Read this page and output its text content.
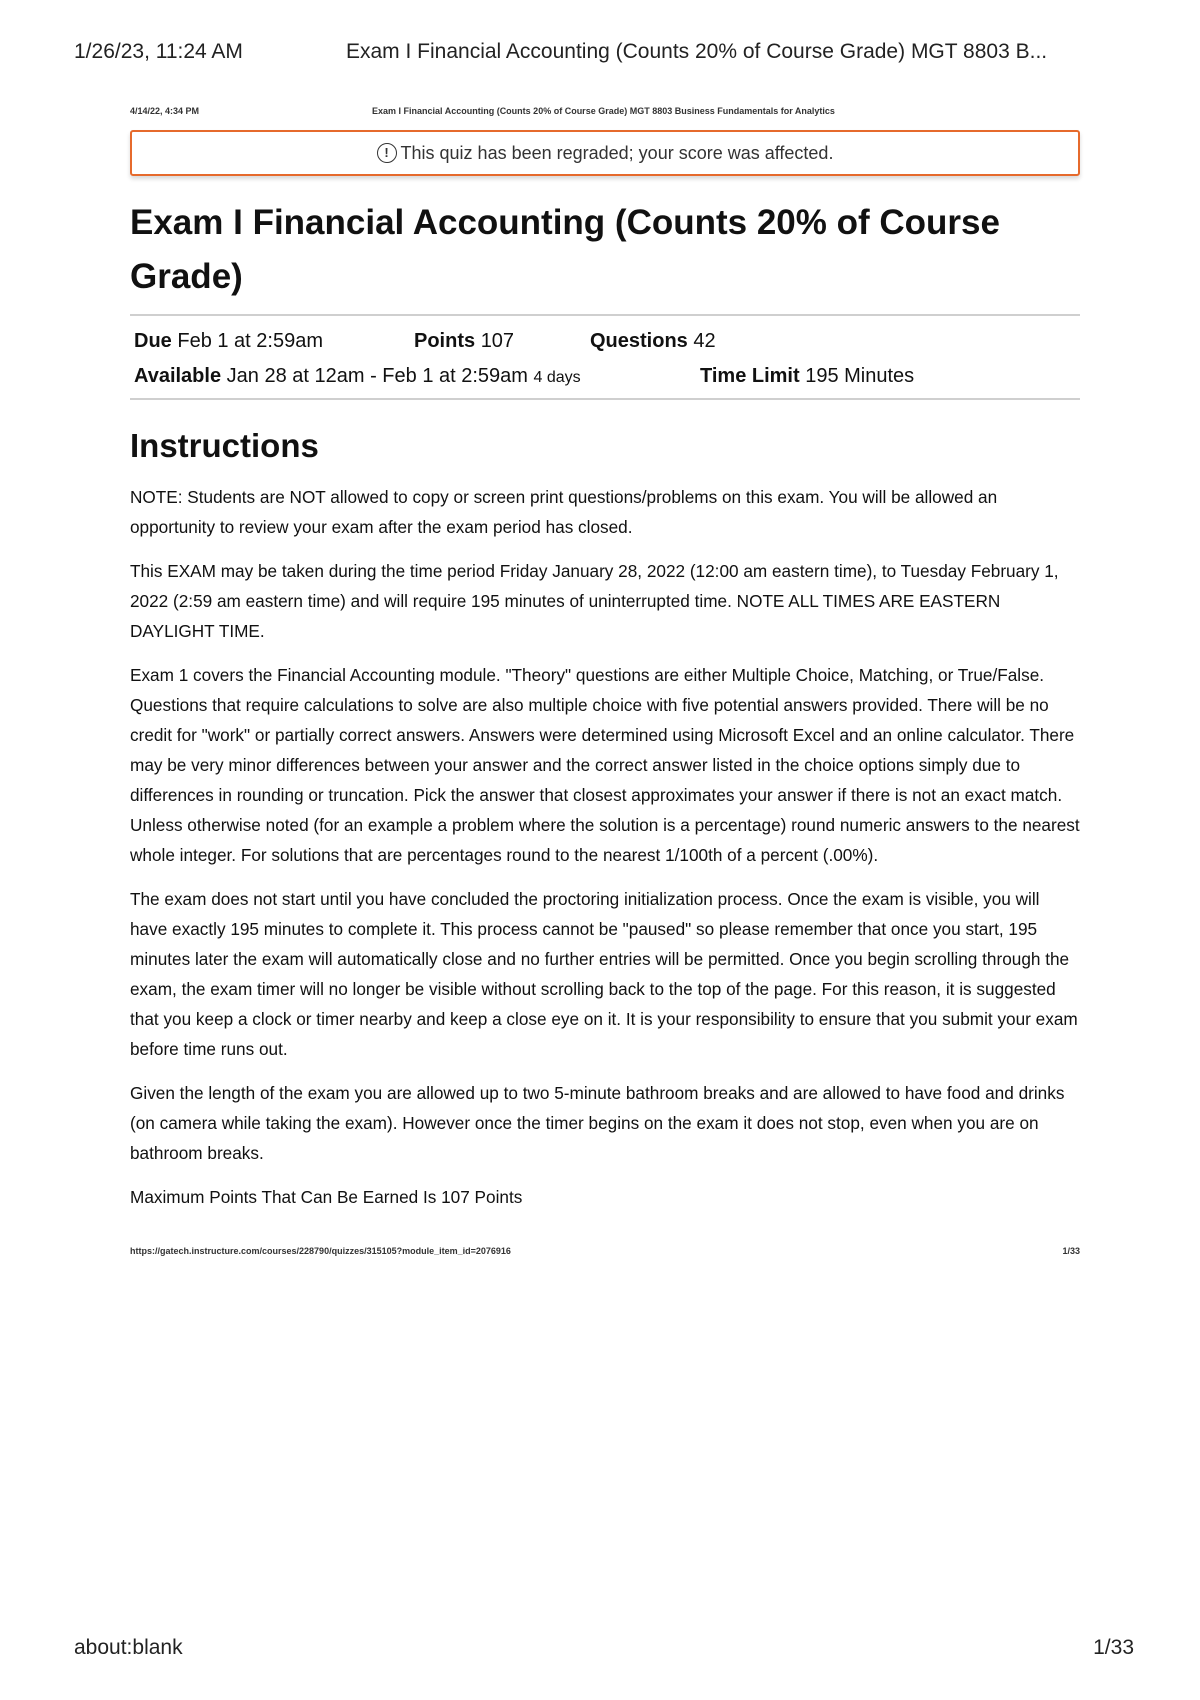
1/26/23, 11:24 AM	Exam I Financial Accounting (Counts 20% of Course Grade) MGT 8803 B...
4/14/22, 4:34 PM	Exam I Financial Accounting (Counts 20% of Course Grade) MGT 8803 Business Fundamentals for Analytics
! This quiz has been regraded; your score was affected.
Exam I Financial Accounting (Counts 20% of Course Grade)
Due Feb 1 at 2:59am	Points 107	Questions 42
Available Jan 28 at 12am - Feb 1 at 2:59am 4 days	Time Limit 195 Minutes
Instructions

NOTE: Students are NOT allowed to copy or screen print questions/problems on this exam. You will be allowed an opportunity to review your exam after the exam period has closed.

This EXAM may be taken during the time period Friday January 28, 2022 (12:00 am eastern time), to Tuesday February 1, 2022 (2:59 am eastern time) and will require 195 minutes of uninterrupted time. NOTE ALL TIMES ARE EASTERN DAYLIGHT TIME.

Exam 1 covers the Financial Accounting module. "Theory" questions are either Multiple Choice, Matching, or True/False. Questions that require calculations to solve are also multiple choice with five potential answers provided. There will be no credit for "work" or partially correct answers. Answers were determined using Microsoft Excel and an online calculator. There may be very minor differences between your answer and the correct answer listed in the choice options simply due to differences in rounding or truncation. Pick the answer that closest approximates your answer if there is not an exact match. Unless otherwise noted (for an example a problem where the solution is a percentage) round numeric answers to the nearest whole integer. For solutions that are percentages round to the nearest 1/100th of a percent (.00%).

The exam does not start until you have concluded the proctoring initialization process. Once the exam is visible, you will have exactly 195 minutes to complete it. This process cannot be "paused" so please remember that once you start, 195 minutes later the exam will automatically close and no further entries will be permitted. Once you begin scrolling through the exam, the exam timer will no longer be visible without scrolling back to the top of the page. For this reason, it is suggested that you keep a clock or timer nearby and keep a close eye on it. It is your responsibility to ensure that you submit your exam before time runs out.

Given the length of the exam you are allowed up to two 5-minute bathroom breaks and are allowed to have food and drinks (on camera while taking the exam). However once the timer begins on the exam it does not stop, even when you are on bathroom breaks.

Maximum Points That Can Be Earned Is 107 Points

https://gatech.instructure.com/courses/228790/quizzes/315105?module_item_id=2076916	1/33
about:blank	1/33
